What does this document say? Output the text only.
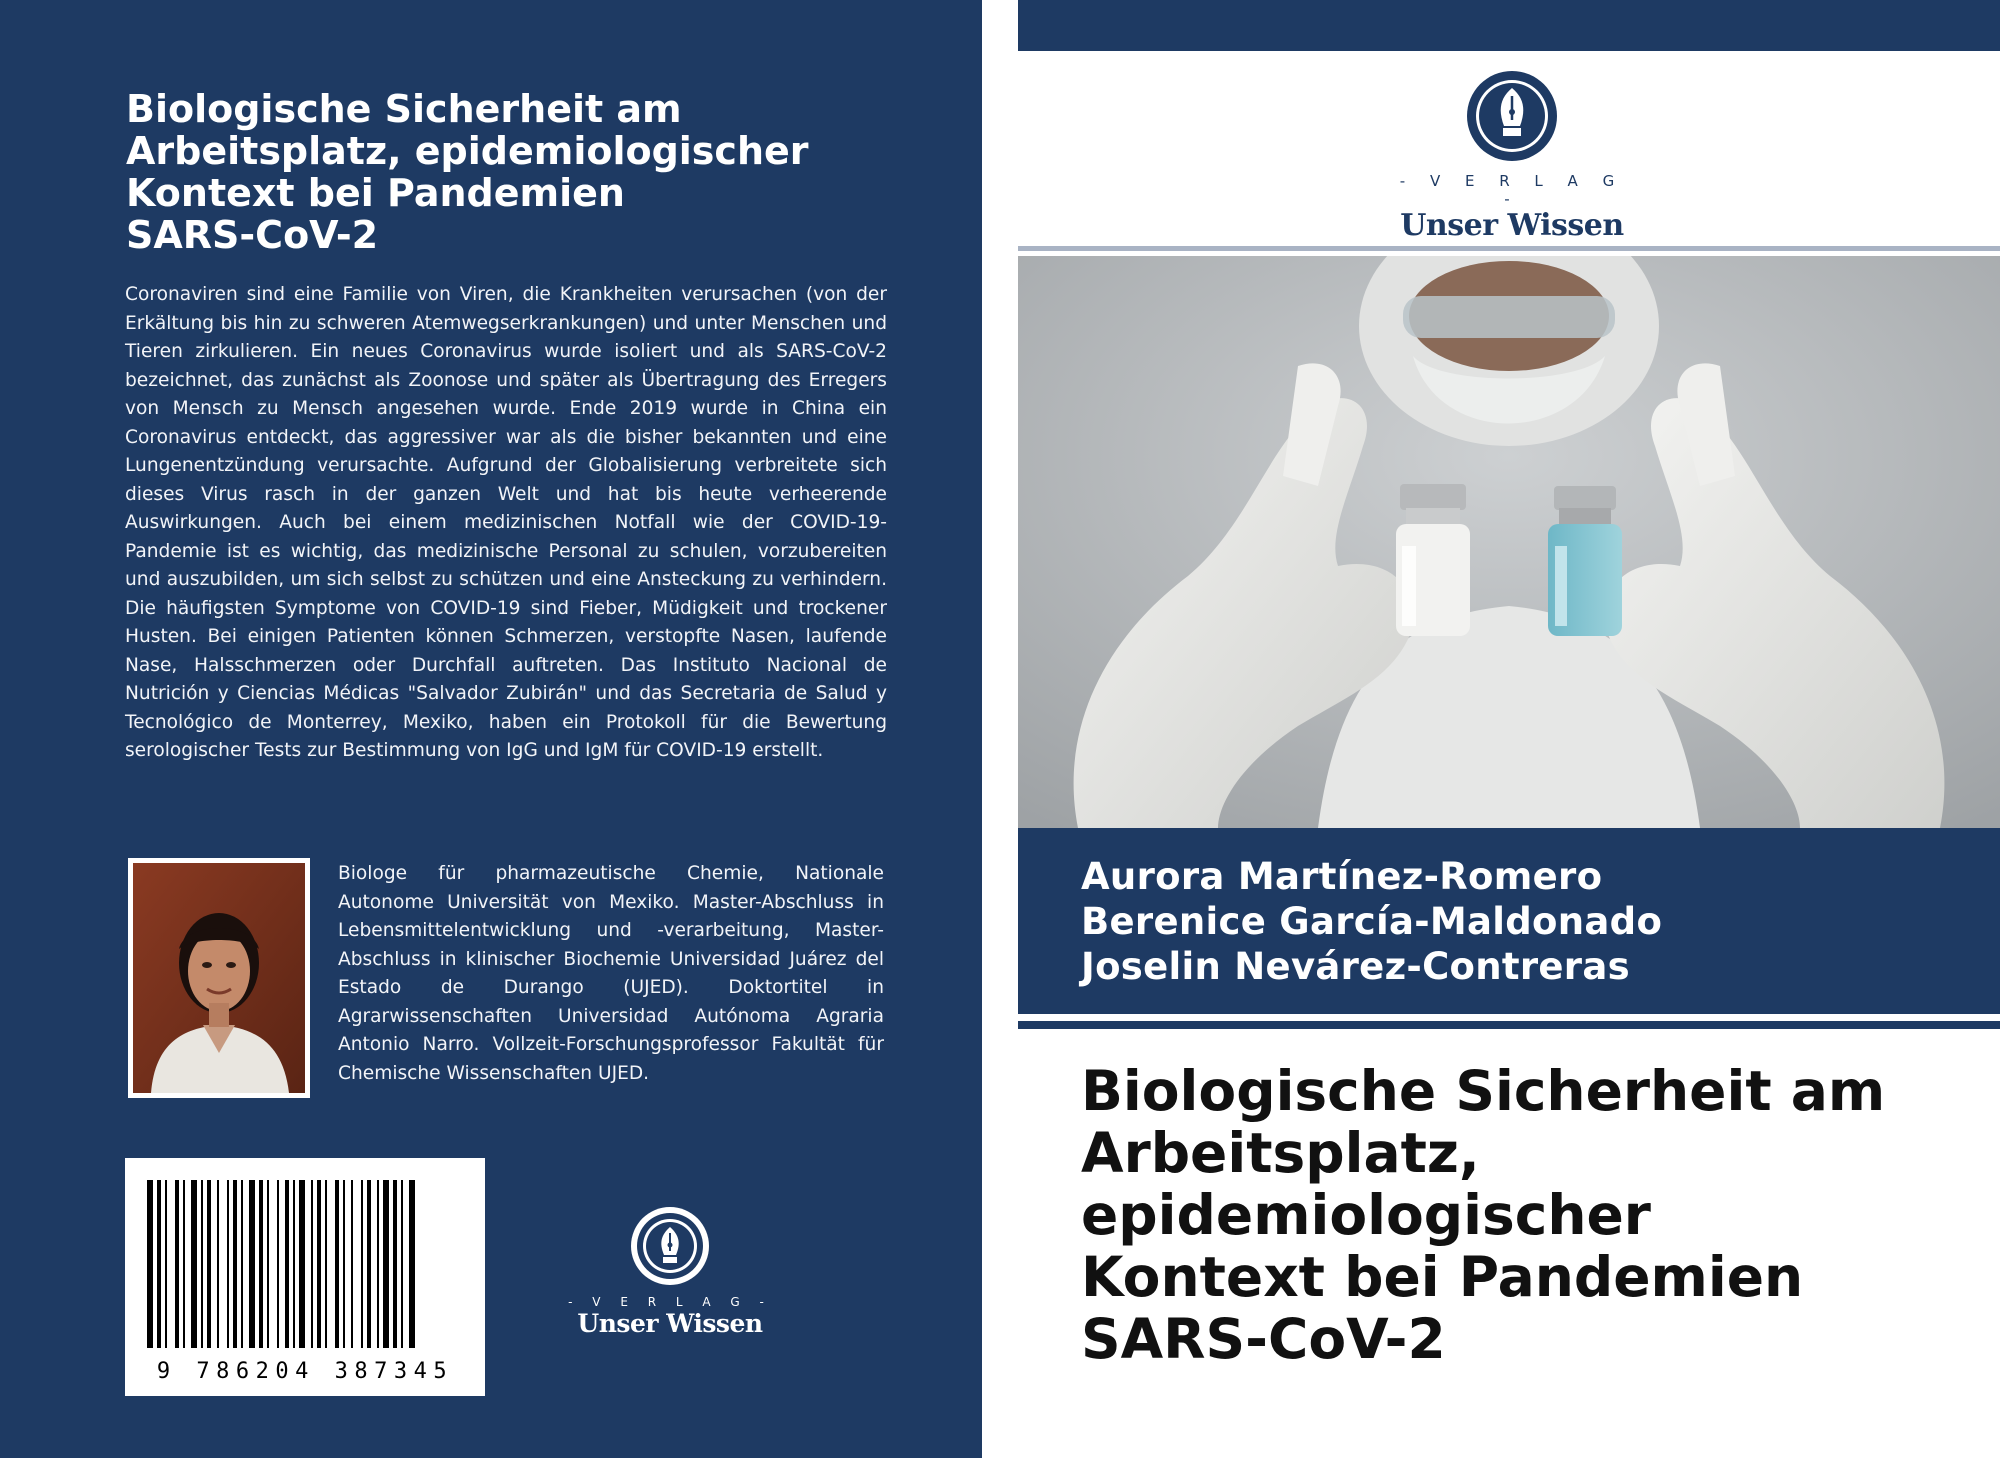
Biologische Sicherheit am
Arbeitsplatz, epidemiologischer
Kontext bei Pandemien
SARS-CoV-2

Coronaviren sind eine Familie von Viren, die Krankheiten verursachen (von der Erkältung bis hin zu schweren Atemwegserkrankungen) und unter Menschen und Tieren zirkulieren. Ein neues Coronavirus wurde isoliert und als SARS-CoV-2 bezeichnet, das zunächst als Zoonose und später als Übertragung des Erregers von Mensch zu Mensch angesehen wurde. Ende 2019 wurde in China ein Coronavirus entdeckt, das aggressiver war als die bisher bekannten und eine Lungenentzündung verursachte. Aufgrund der Globalisierung verbreitete sich dieses Virus rasch in der ganzen Welt und hat bis heute verheerende Auswirkungen. Auch bei einem medizinischen Notfall wie der COVID-19-Pandemie ist es wichtig, das medizinische Personal zu schulen, vorzubereiten und auszubilden, um sich selbst zu schützen und eine Ansteckung zu verhindern. Die häufigsten Symptome von COVID-19 sind Fieber, Müdigkeit und trockener Husten. Bei einigen Patienten können Schmerzen, verstopfte Nasen, laufende Nase, Halsschmerzen oder Durchfall auftreten. Das Instituto Nacional de Nutrición y Ciencias Médicas "Salvador Zubirán" und das Secretaria de Salud y Tecnológico de Monterrey, Mexiko, haben ein Protokoll für die Bewertung serologischer Tests zur Bestimmung von IgG und IgM für COVID-19 erstellt.

Biologe für pharmazeutische Chemie, Nationale Autonome Universität von Mexiko. Master-Abschluss in Lebensmittelentwicklung und -verarbeitung, Master-Abschluss in klinischer Biochemie Universidad Juárez del Estado de Durango (UJED). Doktortitel in Agrarwissenschaften Universidad Autónoma Agraria Antonio Narro. Vollzeit-Forschungsprofessor Fakultät für Chemische Wissenschaften UJED.

9 786204 387345
- V E R L A G -
Unser Wissen
- V E R L A G -
Unser Wissen
Aurora Martínez-Romero
Berenice García-Maldonado
Joselin Nevárez-Contreras
Biologische Sicherheit am
Arbeitsplatz,
epidemiologischer
Kontext bei Pandemien
SARS-CoV-2
